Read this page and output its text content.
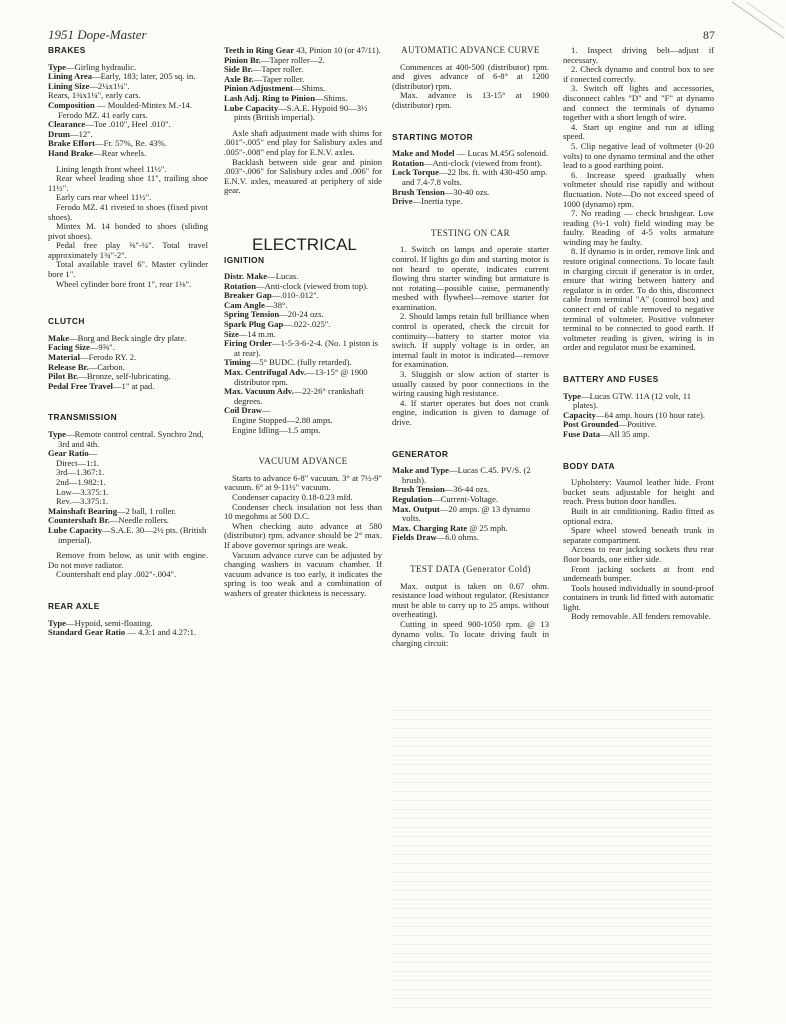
1951 Dope-Master	87
BRAKES

Type—Girling hydraulic.

Lining Area—Early, 183; later, 205 sq. in.

Lining Size—2¼x1¼".

Rears, 1¾x1¼", early cars.

Composition — Moulded-Mintex M.-14. Ferodo MZ. 41 early cars.

Clearance—Toe .010", Heel .010".

Drum—12".

Brake Effort—Fr. 57%, Re. 43%.

Hand Brake—Rear wheels.

Lining length front wheel 11½".

Rear wheel leading shoe 11", trailing shoe 11½".

Early cars rear wheel 11½".

Ferodo MZ. 41 riveted to shoes (fixed pivot shoes).

Mintex M. 14 bonded to shoes (sliding pivot shoes).

Pedal free play ⅜"-¼". Total travel approximately 1¾"-2".

Total available travel 6". Master cylinder bore 1".

Wheel cylinder bore front 1", rear 1⅛".

CLUTCH

Make—Borg and Beck single dry plate.

Facing Size—9⅝".

Material—Ferodo RY. 2.

Release Br.—Carbon.

Pilot Br.—Bronze, self-lubricating.

Pedal Free Travel—1" at pad.

TRANSMISSION

Type—Remote control central. Synchro 2nd, 3rd and 4th.

Gear Ratio—

Direct—1:1.

3rd—1.367:1.

2nd—1.982:1.

Low—3.375:1.

Rev.—3.375:1.

Mainshaft Bearing—2 ball, 1 roller.

Countershaft Br.—Needle rollers.

Lube Capacity—S.A.E. 30—2½ pts. (British imperial).

Remove from below, as unit with engine. Do not move radiator.

Countershaft end play .002"-.004".

REAR AXLE

Type—Hypoid, semi-floating.

Standard Gear Ratio — 4.3:1 and 4.27:1.

Teeth in Ring Gear 43, Pinion 10 (or 47/11).

Pinion Br.—Taper roller—2.

Side Br.—Taper roller.

Axle Br.—Taper roller.

Pinion Adjustment—Shims.

Lash Adj. Ring to Pinion—Shims.

Lube Capacity—S.A.E. Hypoid 90—3½ pints (British imperial).

Axle shaft adjustment made with shims for .001"-.005" end play for Salisbury axles and .005"-.008" end play for E.N.V. axles.

Backlash between side gear and pinion .003"-.006" for Salisbury axles and .006" for E.N.V. axles, measured at periphery of side gear.

ELECTRICAL
IGNITION

Distr. Make—Lucas.

Rotation—Anti-clock (viewed from top).

Breaker Gap—.010-.012".

Cam Angle—38°.

Spring Tension—20-24 ozs.

Spark Plug Gap—.022-.025".

Size—14 m.m.

Firing Order—1-5-3-6-2-4. (No. 1 piston is at rear).

Timing—5° BUDC. (fully retarded).

Max. Centrifugal Adv.—13-15° @ 1900 distributor rpm.

Max. Vacuum Adv.—22-26° crankshaft degrees.

Coil Draw—

Engine Stopped—2.88 amps.

Engine Idling—1.5 amps.

VACUUM ADVANCE

Starts to advance 6-8" vacuum. 3° at 7½-9" vacuum. 6° at 9-11½" vacuum.

Condenser capacity 0.18-0.23 mfd.

Condenser check insulation not less than 10 megohms at 500 D.C.

When checking auto advance at 580 (distributor) rpm. advance should be 2° max. If above governor springs are weak.

Vacuum advance curve can be adjusted by changing washers in vacuum chamber. If vacuum advance is too early, it indicates the spring is too weak and a combination of washers of greater thickness is necessary.

AUTOMATIC ADVANCE CURVE

Commences at 400-500 (distributor) rpm. and gives advance of 6-8° at 1200 (distributor) rpm.

Max. advance is 13-15° at 1900 (distributor) rpm.

STARTING MOTOR

Make and Model — Lucas M.45G solenoid.

Rotation—Anti-clock (viewed from front).

Lock Torque—22 lbs. ft. with 430-450 amp. and 7.4-7.8 volts.

Brush Tension—30-40 ozs.

Drive—Inertia type.

TESTING ON CAR

1. Switch on lamps and operate starter control. If lights go dim and starting motor is not heard to operate, indicates current flowing thru starter winding but armature is not rotating—possible cause, permanently meshed with flywheel—remove starter for examination.

2. Should lamps retain full brilliance when control is operated, check the circuit for continuity—battery to starter motor via switch. If supply voltage is in order, an internal fault in motor is indicated—remove for examination.

3. Sluggish or slow action of starter is usually caused by poor connections in the wiring causing high resistance.

4. If starter operates but does not crank engine, indication is given to damage of drive.

GENERATOR

Make and Type—Lucas C.45. PV/S. (2 brush).

Brush Tension—36-44 ozs.

Regulation—Current-Voltage.

Max. Output—20 amps. @ 13 dynamo volts.

Max. Charging Rate @ 25 mph.

Fields Draw—6.0 ohms.

TEST DATA (Generator Cold)

Max. output is taken on 0.67 ohm. resistance load without regulator. (Resistance must be able to carry up to 25 amps. without overheating).

Cutting in speed 900-1050 rpm. @ 13 dynamo volts. To locate driving fault in charging circuit:

1. Inspect driving belt—adjust if necessary.

2. Check dynamo and control box to see if conected correctly.

3. Switch off lights and accessories, disconnect cables "D" and "F" at dynamo and connect the terminals of dynamo together with a short length of wire.

4. Start up engine and run at idling speed.

5. Clip negative lead of voltmeter (0-20 volts) to one dynamo terminal and the other lead to a good earthing point.

6. Increase speed gradually when voltmeter should rise rapidly and without fluctuation. Note—Do not exceed speed of 1000 (dynamo) rpm.

7. No reading — check brushgear. Low reading (½-1 volt) field winding may be faulty. Reading of 4-5 volts armature winding may be faulty.

8. If dynamo is in order, remove link and restore original connections. To locate fault in charging circuit if generator is in order, ensure that wiring between battery and regulator is in order. To do this, disconnect cable from terminal "A" (control box) and connect end of cable removed to negative terminal of voltmeter. Positive voltmeter terminal to be connected to good earth. If voltmeter reading is given, wiring is in order and regulator must be examined.

BATTERY AND FUSES

Type—Lucas GTW. 11A (12 volt, 11 plates).

Capacity—64 amp. hours (10 hour rate).

Post Grounded—Positive.

Fuse Data—All 35 amp.

BODY DATA

Upholstery: Vaumol leather hide. Front bucket seats adjustable for height and reach. Press button door handles.

Built in air conditioning. Radio fitted as optional extra.

Spare wheel stowed beneath trunk in separate compartment.

Access to rear jacking sockets thru rear floor boards, one either side.

Front jacking sockets at front end underneath bumper.

Tools housed individually in sound-proof containers in trunk lid fitted with automatic light.

Body removable. All fenders removable.
